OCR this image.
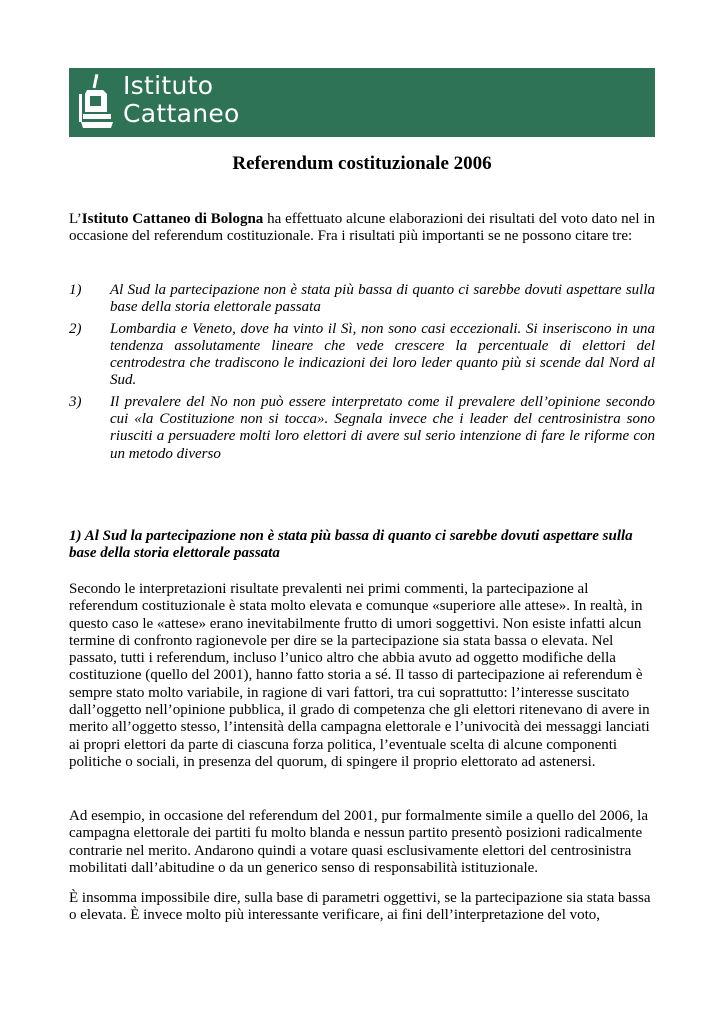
Istituto
Cattaneo
Referendum costituzionale 2006

L’Istituto Cattaneo di Bologna ha effettuato alcune elaborazioni dei risultati del voto dato nel in occasione del referendum costituzionale. Fra i risultati più importanti se ne possono citare tre:

1) Al Sud la partecipazione non è stata più bassa di quanto ci sarebbe dovuti aspettare sulla base della storia elettorale passata
2) Lombardia e Veneto, dove ha vinto il Sì, non sono casi eccezionali. Si inseriscono in una tendenza assolutamente lineare che vede crescere la percentuale di elettori del centrodestra che tradiscono le indicazioni dei loro leder quanto più si scende dal Nord al Sud.
3) Il prevalere del No non può essere interpretato come il prevalere dell’opinione secondo cui «la Costituzione non si tocca». Segnala invece che i leader del centrosinistra sono riusciti a persuadere molti loro elettori di avere sul serio intenzione di fare le riforme con un metodo diverso

1) Al Sud la partecipazione non è stata più bassa di quanto ci sarebbe dovuti aspettare sulla base della storia elettorale passata

Secondo le interpretazioni risultate prevalenti nei primi commenti, la partecipazione al referendum costituzionale è stata molto elevata e comunque «superiore alle attese». In realtà, in questo caso le «attese» erano inevitabilmente frutto di umori soggettivi. Non esiste infatti alcun termine di confronto ragionevole per dire se la partecipazione sia stata bassa o elevata. Nel passato, tutti i referendum, incluso l’unico altro che abbia avuto ad oggetto modifiche della costituzione (quello del 2001), hanno fatto storia a sé. Il tasso di partecipazione ai referendum è sempre stato molto variabile, in ragione di vari fattori, tra cui soprattutto: l’interesse suscitato dall’oggetto nell’opinione pubblica, il grado di competenza che gli elettori ritenevano di avere in merito all’oggetto stesso, l’intensità della campagna elettorale e l’univocità dei messaggi lanciati ai propri elettori da parte di ciascuna forza politica, l’eventuale scelta di alcune componenti politiche o sociali, in presenza del quorum, di spingere il proprio elettorato ad astenersi.

Ad esempio, in occasione del referendum del 2001, pur formalmente simile a quello del 2006, la campagna elettorale dei partiti fu molto blanda e nessun partito presentò posizioni radicalmente contrarie nel merito. Andarono quindi a votare quasi esclusivamente elettori del centrosinistra mobilitati dall’abitudine o da un generico senso di responsabilità istituzionale.

È insomma impossibile dire, sulla base di parametri oggettivi, se la partecipazione sia stata bassa o elevata. È invece molto più interessante verificare, ai fini dell’interpretazione del voto,
